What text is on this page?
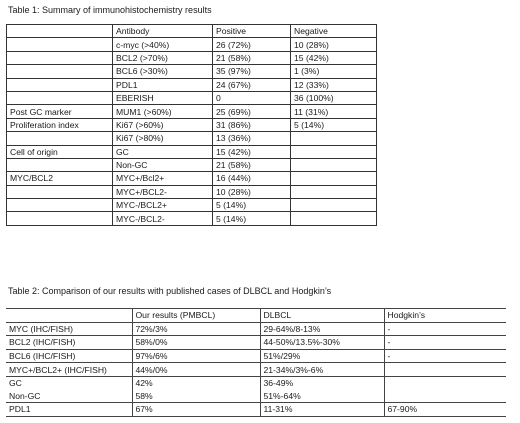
Table 1: Summary of immunohistochemistry results
	Antibody	Positive	Negative
	c-myc (>40%)	26 (72%)	10 (28%)
	BCL2 (>70%)	21 (58%)	15 (42%)
	BCL6 (>30%)	35 (97%)	1 (3%)
	PDL1	24 (67%)	12 (33%)
	EBERISH	0	36 (100%)
Post GC marker	MUM1 (>60%)	25 (69%)	11 (31%)
Proliferation index	Ki67 (>60%)	31 (86%)	5 (14%)
	Ki67 (>80%)	13 (36%)	
Cell of origin	GC	15 (42%)	
	Non-GC	21 (58%)	
MYC/BCL2	MYC+/Bcl2+	16 (44%)	
	MYC+/BCL2-	10 (28%)	
	MYC-/BCL2+	5 (14%)	
	MYC-/BCL2-	5 (14%)	
Table 2: Comparison of our results with published cases of DLBCL and Hodgkin’s
	Our results (PMBCL)	DLBCL	Hodgkin’s
MYC (IHC/FISH)	72%/3%	29-64%/8-13%	-
BCL2 (IHC/FISH)	58%/0%	44-50%/13.5%-30%	-
BCL6 (IHC/FISH)	97%/6%	51%/29%	-
MYC+/BCL2+ (IHC/FISH)	44%/0%	21-34%/3%-6%	
GC	42%	36-49%	
Non-GC	58%	51%-64%	
PDL1	67%	11-31%	67-90%
